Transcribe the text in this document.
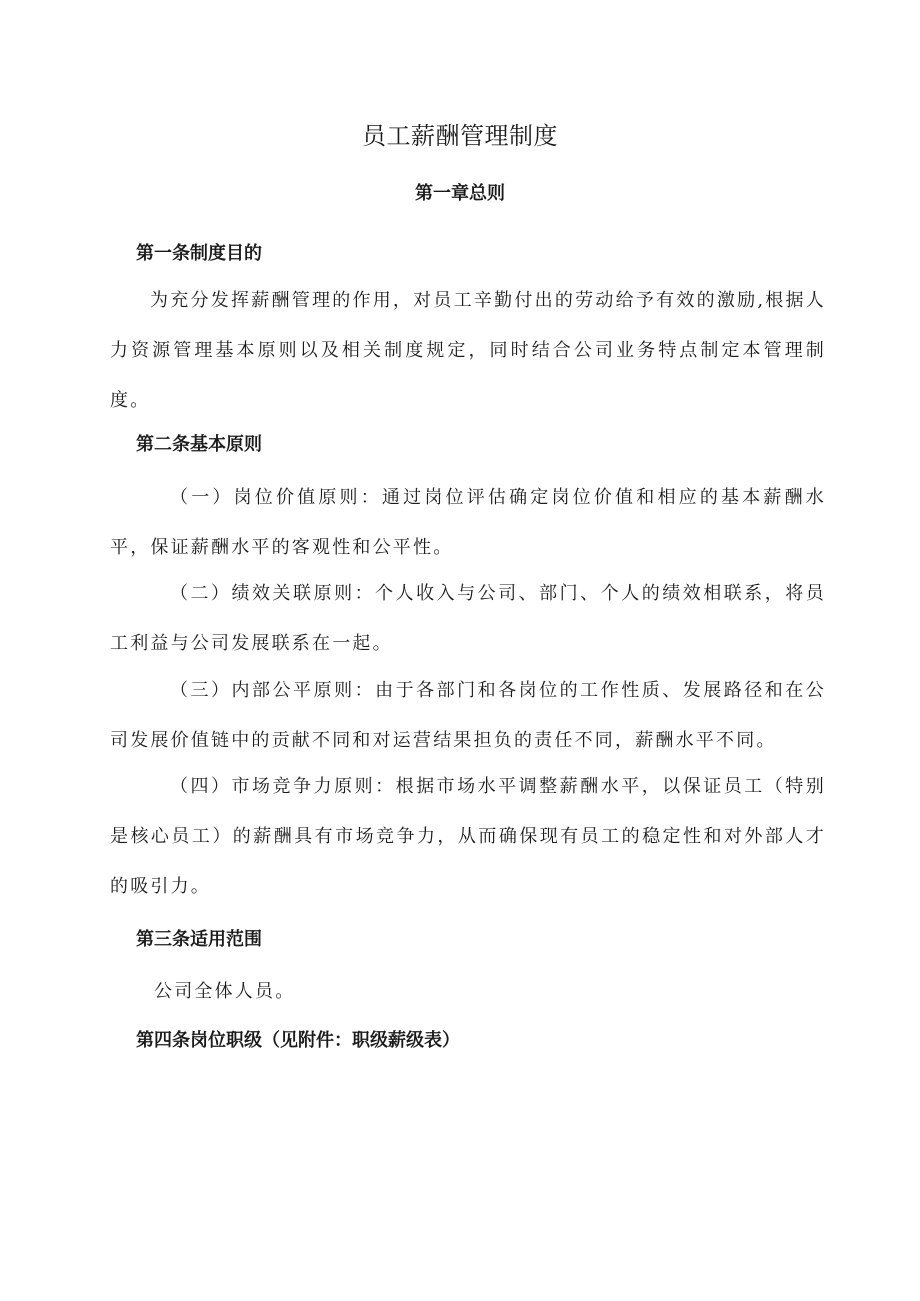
员工薪酬管理制度
第一章总则
第一条制度目的
为充分发挥薪酬管理的作用，对员工辛勤付出的劳动给予有效的激励,根据人力资源管理基本原则以及相关制度规定，同时结合公司业务特点制定本管理制度。
第二条基本原则
（一）岗位价值原则：通过岗位评估确定岗位价值和相应的基本薪酬水平，保证薪酬水平的客观性和公平性。
（二）绩效关联原则：个人收入与公司、部门、个人的绩效相联系，将员工利益与公司发展联系在一起。
（三）内部公平原则：由于各部门和各岗位的工作性质、发展路径和在公司发展价值链中的贡献不同和对运营结果担负的责任不同，薪酬水平不同。
（四）市场竞争力原则：根据市场水平调整薪酬水平，以保证员工（特别是核心员工）的薪酬具有市场竞争力，从而确保现有员工的稳定性和对外部人才的吸引力。
第三条适用范围
公司全体人员。
第四条岗位职级（见附件：职级薪级表）
